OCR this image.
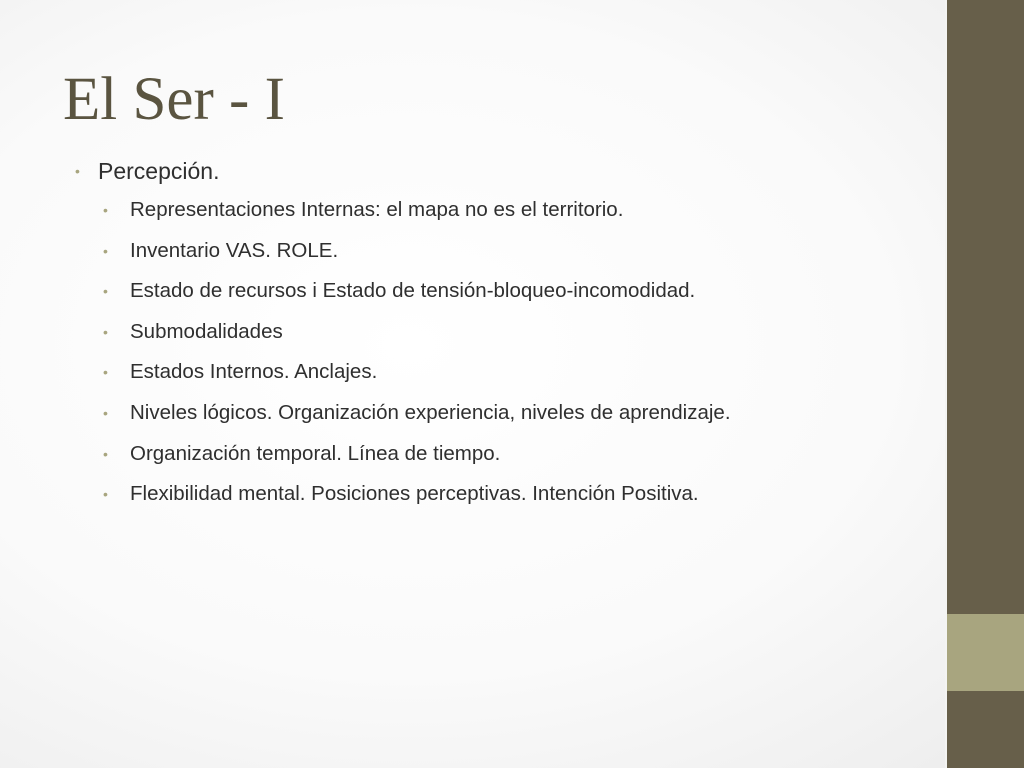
El Ser - I
• Percepción.
• Representaciones Internas: el mapa no es el territorio.
• Inventario VAS. ROLE.
• Estado de recursos i Estado de tensión-bloqueo-incomodidad.
• Submodalidades
• Estados Internos. Anclajes.
• Niveles lógicos. Organización experiencia, niveles de aprendizaje.
• Organización temporal. Línea de tiempo.
• Flexibilidad mental. Posiciones perceptivas. Intención Positiva.
